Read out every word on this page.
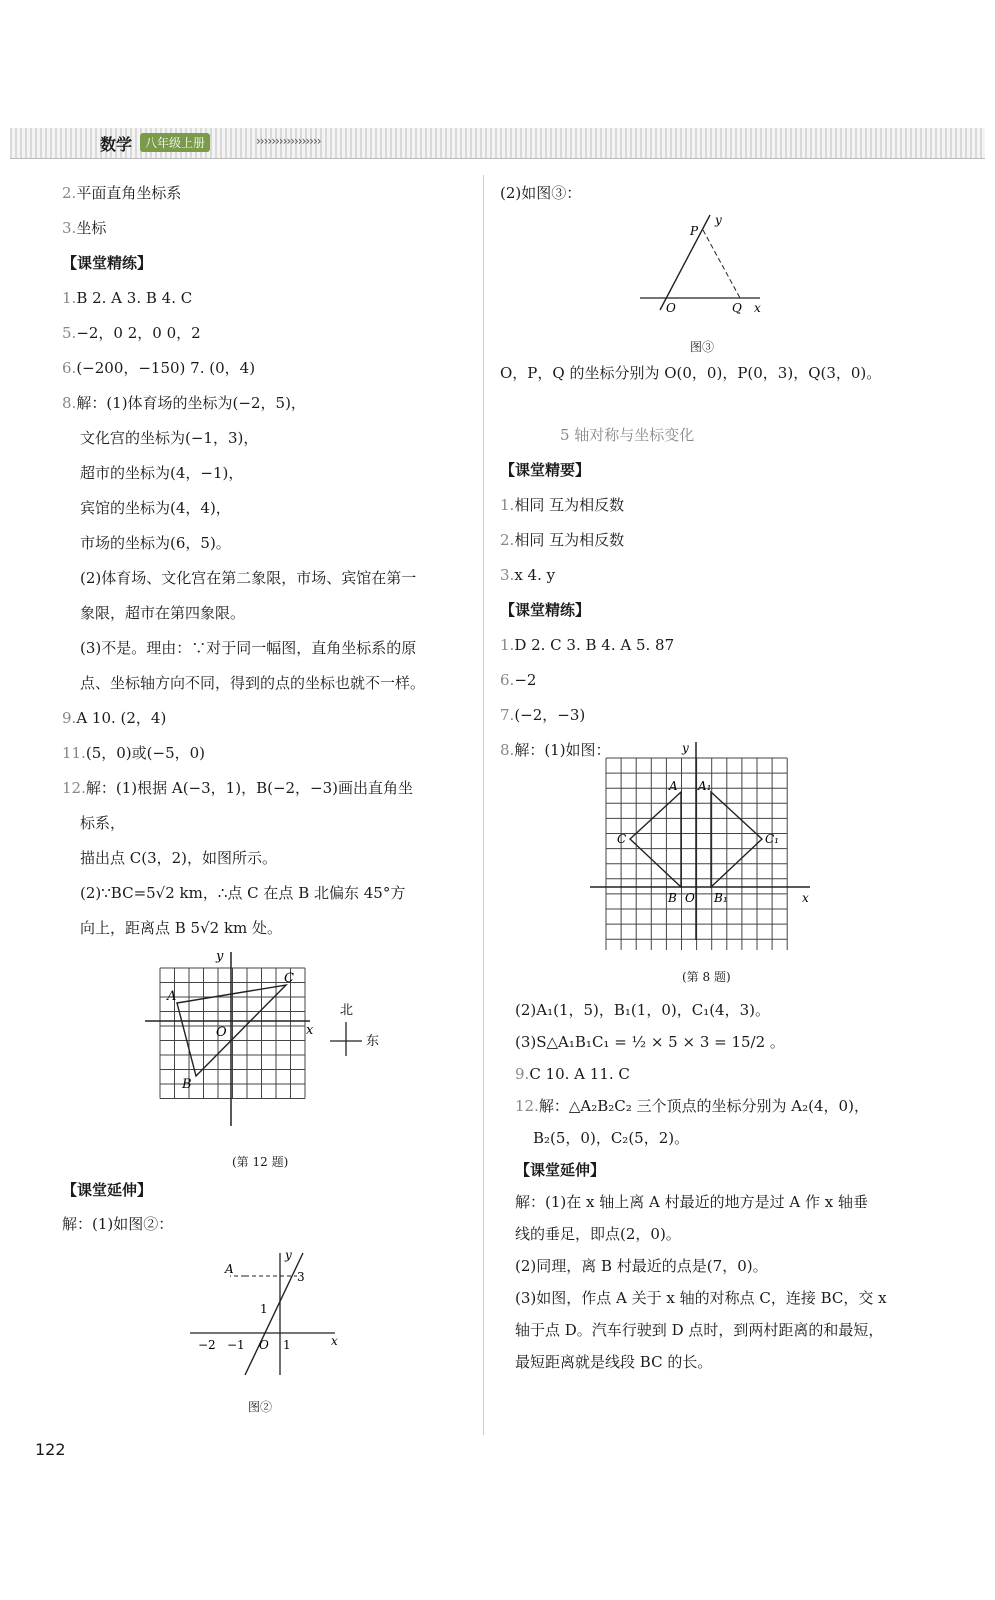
数学	八年级上册	›››››››››››››››››
A
B
C
O	x
y
北
东
(第 12 题)
【课堂延伸】
解：(1)如图②：
A
y
x
−2 −1 O 1
3
1
图②
122
P
y
O	Q x
图③
5 轴对称与坐标变化
A A₁
C	C₁
B O B₁	x
y
(第 8 题)
2.平面直角坐标系
3.坐标
【课堂精练】
1.B 2. A 3. B 4. C
5.−2，0 2，0 0，2
6.(−200，−150) 7. (0，4)
8.解：(1)体育场的坐标为(−2，5)，
文化宫的坐标为(−1，3)，
超市的坐标为(4，−1)，
宾馆的坐标为(4，4)，
市场的坐标为(6，5)。
(2)体育场、文化宫在第二象限，市场、宾馆在第一
象限，超市在第四象限。
(3)不是。理由：∵对于同一幅图，直角坐标系的原
点、坐标轴方向不同，得到的点的坐标也就不一样。
9.A 10. (2，4)
11.(5，0)或(−5，0)
12.解：(1)根据 A(−3，1)，B(−2，−3)画出直角坐
标系，
描出点 C(3，2)，如图所示。
(2)∵BC=5√2 km，∴点 C 在点 B 北偏东 45°方
向上，距离点 B 5√2 km 处。
(2)如图③：
O，P，Q 的坐标分别为 O(0，0)，P(0，3)，Q(3，0)。
【课堂精要】
1.相同 互为相反数
2.相同 互为相反数
3.x 4. y
【课堂精练】
1.D 2. C 3. B 4. A 5. 87
6.−2
7.(−2，−3)
8.解：(1)如图：
(2)A₁(1，5)，B₁(1，0)，C₁(4，3)。
(3)S△A₁B₁C₁ = ½ × 5 × 3 = 15/2 。
9.C 10. A 11. C
12.解：△A₂B₂C₂ 三个顶点的坐标分别为 A₂(4，0)，
B₂(5，0)，C₂(5，2)。
【课堂延伸】
解：(1)在 x 轴上离 A 村最近的地方是过 A 作 x 轴垂
线的垂足，即点(2，0)。
(2)同理，离 B 村最近的点是(7，0)。
(3)如图，作点 A 关于 x 轴的对称点 C，连接 BC，交 x
轴于点 D。汽车行驶到 D 点时，到两村距离的和最短，
最短距离就是线段 BC 的长。
